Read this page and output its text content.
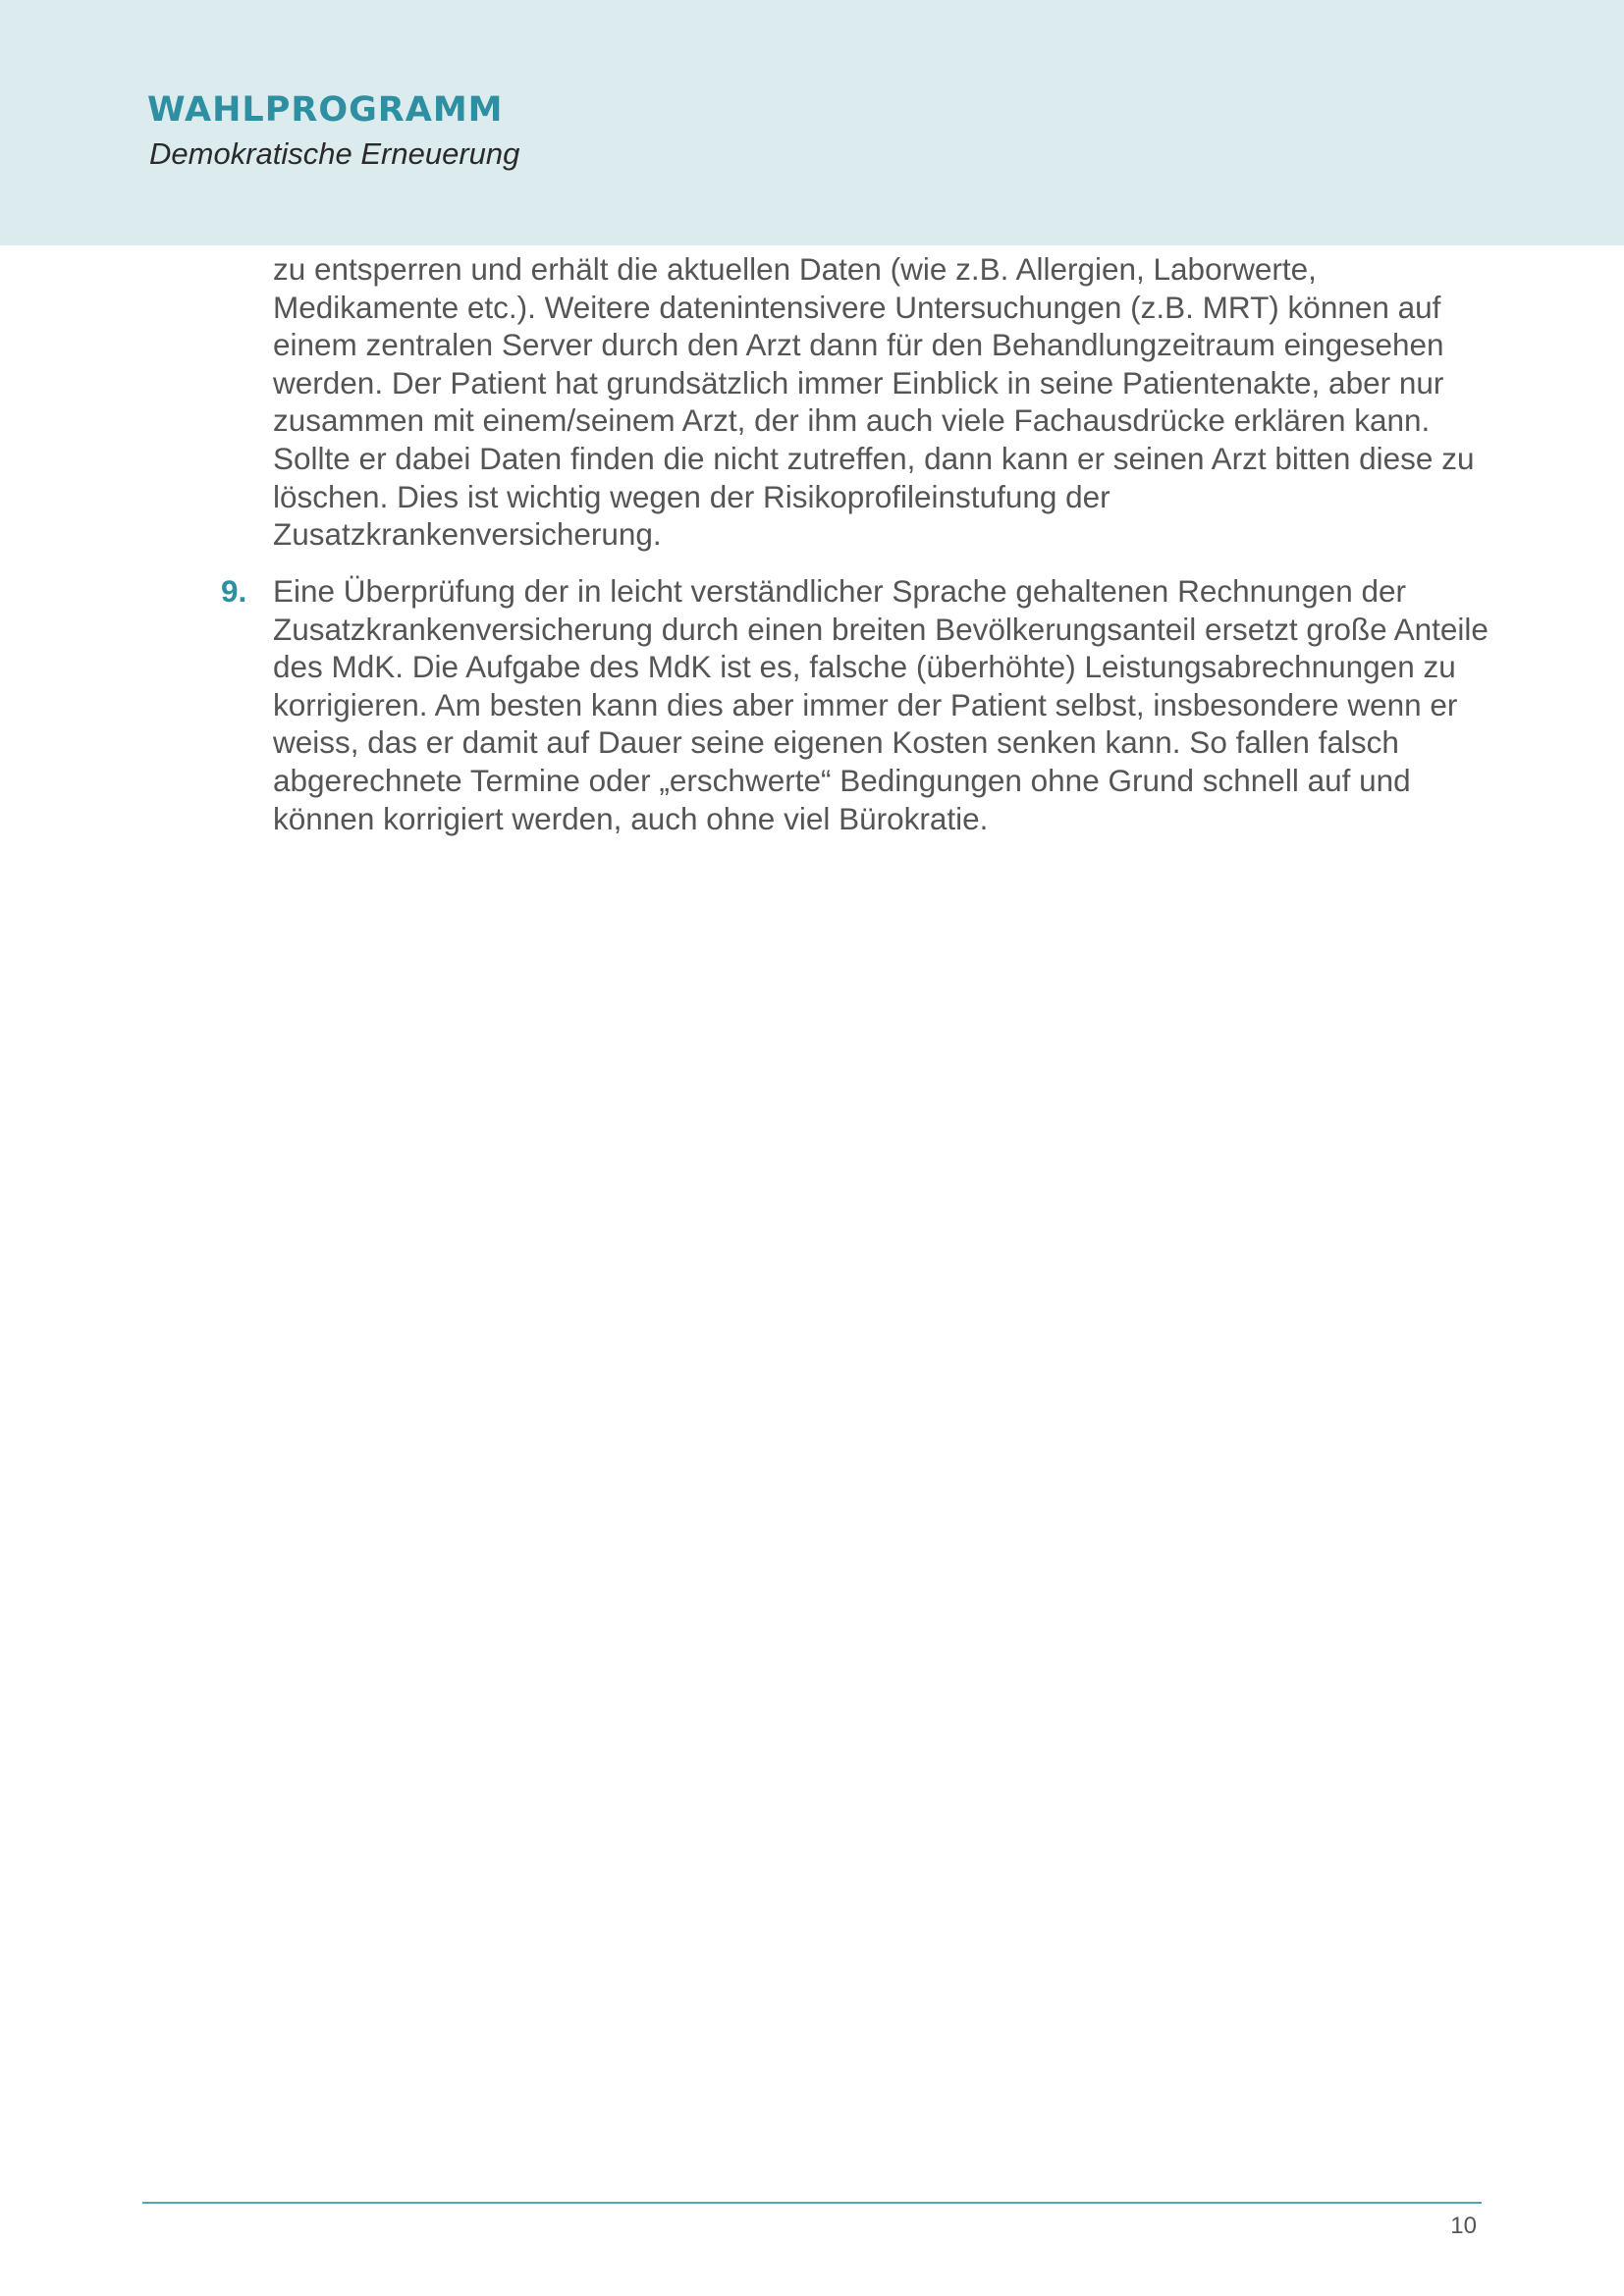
WAHLPROGRAMM
Demokratische Erneuerung
zu entsperren und erhält die aktuellen Daten (wie z.B. Allergien, Laborwerte, Medikamente etc.). Weitere datenintensivere Untersuchungen (z.B. MRT) können auf einem zentralen Server durch den Arzt dann für den Behandlungzeitraum eingesehen werden. Der Patient hat grundsätzlich immer Einblick in seine Patientenakte, aber nur zusammen mit einem/seinem Arzt, der ihm auch viele Fachausdrücke erklären kann. Sollte er dabei Daten finden die nicht zutreffen, dann kann er seinen Arzt bitten diese zu löschen. Dies ist wichtig wegen der Risikoprofileinstufung der Zusatzkrankenversicherung.
9. Eine Überprüfung der in leicht verständlicher Sprache gehaltenen Rechnungen der Zusatzkrankenversicherung durch einen breiten Bevölkerungsanteil ersetzt große Anteile des MdK. Die Aufgabe des MdK ist es, falsche (überhöhte) Leistungsabrechnungen zu korrigieren. Am besten kann dies aber immer der Patient selbst, insbesondere wenn er weiss, das er damit auf Dauer seine eigenen Kosten senken kann. So fallen falsch abgerechnete Termine oder „erschwerte“ Bedingungen ohne Grund schnell auf und können korrigiert werden, auch ohne viel Bürokratie.
10
